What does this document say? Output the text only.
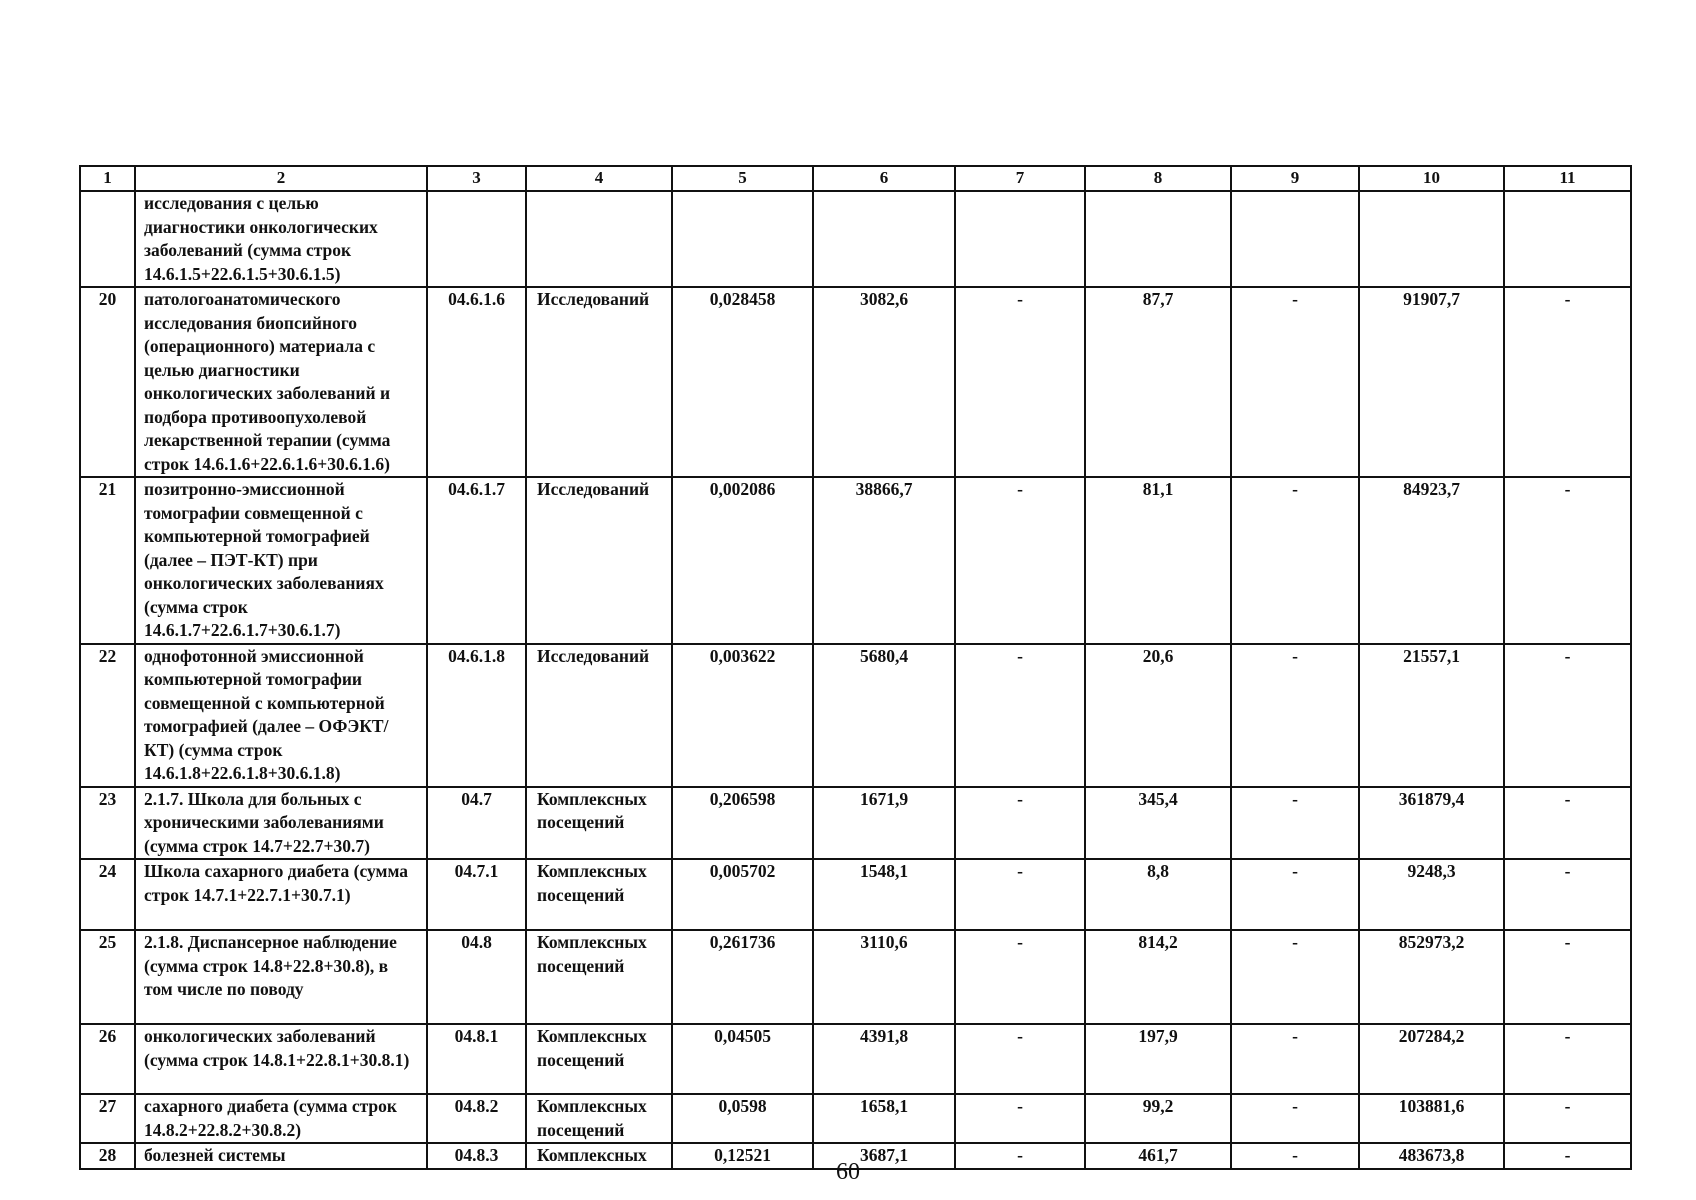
1	2	3	4	5	6	7	8	9	10	11
	исследования с целью диагностики онкологических заболеваний (сумма строк 14.6.1.5+22.6.1.5+30.6.1.5)									
20	патологоанатомического исследования биопсийного (операционного) материала с целью диагностики онкологических заболеваний и подбора противоопухолевой лекарственной терапии (сумма строк 14.6.1.6+22.6.1.6+30.6.1.6)	04.6.1.6	Исследований	0,028458	3082,6	-	87,7	-	91907,7	-
21	позитронно-эмиссионной томографии совмещенной с компьютерной томографией (далее – ПЭТ-КТ) при онкологических заболеваниях (сумма строк 14.6.1.7+22.6.1.7+30.6.1.7)	04.6.1.7	Исследований	0,002086	38866,7	-	81,1	-	84923,7	-
22	однофотонной эмиссионной компьютерной томографии совмещенной с компьютерной томографией (далее – ОФЭКТ/КТ) (сумма строк 14.6.1.8+22.6.1.8+30.6.1.8)	04.6.1.8	Исследований	0,003622	5680,4	-	20,6	-	21557,1	-
23	2.1.7. Школа для больных с хроническими заболеваниями (сумма строк 14.7+22.7+30.7)	04.7	Комплексных посещений	0,206598	1671,9	-	345,4	-	361879,4	-
24	Школа сахарного диабета (сумма строк 14.7.1+22.7.1+30.7.1)	04.7.1	Комплексных посещений	0,005702	1548,1	-	8,8	-	9248,3	-
25	2.1.8. Диспансерное наблюдение (сумма строк 14.8+22.8+30.8), в том числе по поводу	04.8	Комплексных посещений	0,261736	3110,6	-	814,2	-	852973,2	-
26	онкологических заболеваний (сумма строк 14.8.1+22.8.1+30.8.1)	04.8.1	Комплексных посещений	0,04505	4391,8	-	197,9	-	207284,2	-
27	сахарного диабета (сумма строк 14.8.2+22.8.2+30.8.2)	04.8.2	Комплексных посещений	0,0598	1658,1	-	99,2	-	103881,6	-
28	болезней системы	04.8.3	Комплексных	0,12521	3687,1	-	461,7	-	483673,8	-
60
